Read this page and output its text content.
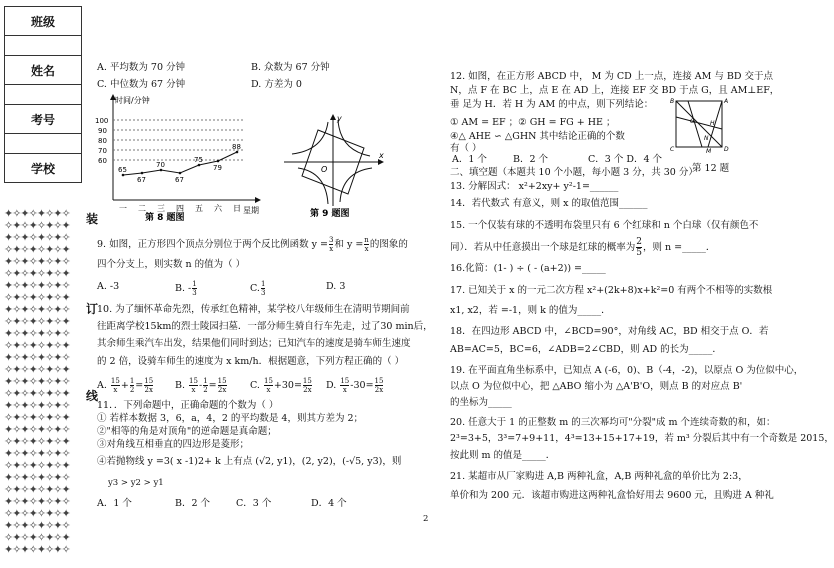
班级

姓名

考号

学校

✦✧✦✧✦✧✦✧
✧✦✧✦✧✦✧✦
✦✧✦✧✦✧✦✧
✧✦✧✦✧✦✧✦
✦✧✦✧✦✧✦✧
✧✦✧✦✧✦✧✦
✦✧✦✧✦✧✦✧
✧✦✧✦✧✦✧✦
✦✧✦✧✦✧✦✧
✧✦✧✦✧✦✧✦
✦✧✦✧✦✧✦✧
✧✦✧✦✧✦✧✦
✦✧✦✧✦✧✦✧
✧✦✧✦✧✦✧✦
✦✧✦✧✦✧✦✧
✧✦✧✦✧✦✧✦
✦✧✦✧✦✧✦✧
✧✦✧✦✧✦✧✦
✦✧✦✧✦✧✦✧
✧✦✧✦✧✦✧✦
✦✧✦✧✦✧✦✧
✧✦✧✦✧✦✧✦
✦✧✦✧✦✧✦✧
✧✦✧✦✧✦✧✦
✦✧✦✧✦✧✦✧
✧✦✧✦✧✦✧✦
✦✧✦✧✦✧✦✧
✧✦✧✦✧✦✧✦
✦✧✦✧✦✧✦✧

装
订
线
A. 平均数为 70 分钟	B. 众数为 67 分钟
C. 中位数为 67 分钟	D. 方差为 0
时间/分钟
星期
60
70
80
90
100
一 二 三 四 五 六 日
65
67
70
67
75
79
88
第 8 题图
x
y
O
第 9 题图
9. 如图，正方形四个顶点分别位于两个反比例函数 $y = \frac{3}{x}$ 和 $y = \frac{n}{x}$ 的图象的
四个分支上，则实数 n 的值为（ ）
A. -3	B. - $\frac{1}{3}$	C. $\frac{1}{3}$	D. 3
10. 为了缅怀革命先烈，传承红色精神，某学校八年级师生在清明节期间前
往距离学校15km的烈士陵园扫墓．一部分师生骑自行车先走，过了30 min后，
其余师生乘汽车出发，结果他们同时到达；已知汽车的速度是骑车师生速度
的 2 倍，设骑车师生的速度为 x km/h．根据题意，下列方程正确的（ ）
A. $\frac{15}{x} + \frac{1}{2} = \frac{15}{2x} B$. $\frac{15}{x} - \frac{1}{2} = \frac{15}{2x} C$. $\frac{15}{x} +30= \frac{15}{2x} D$. $\frac{15}{x} -30= \frac{15}{2x}$
11．．下列命题中，正确命题的个数为（ ）
① 若样本数据 3，6，a，4，2 的平均数是 4，则其方差为 2；
②"相等的角是对顶角"的逆命题是真命题；
③对角线互相垂直的四边形是菱形；
④若抛物线 y =3( x -1)2+ k 上有点 (√2, y1)，(2, y2)，(-√5, y3)，则
y3 > y2 > y1
A．1 个	B．2 个	C．3 个	D．4 个
12. 如图，在正方形 ABCD 中， M 为 CD 上一点，连接 AM 与 BD 交于点
N，点 F 在 BC 上，点 E 在 AD 上，连接 EF 交 BD 于点 G，且 AM⊥EF，
垂 足为 H．若 H 为 AM 的中点，则下列结论：
① AM = EF ；② GH = FG + HE ；
④△ AHE ∽ △GHN 其中结论正确的个数
有（ ）
A．1 个	B．2 个	C．3 个 D．4 个
B	A
C	D
G	H
N
M
第 12 题
二、填空题（本题共 10 个小题，每小题 3 分，共 30 分）
13. 分解因式： x²+2xy+ y²-1=______
14．若代数式 有意义，则 x 的取值范围______
15. 一个仅装有球的不透明布袋里只有 6 个红球和 n 个白球（仅有颜色不
同）．若从中任意摸出一个球是红球的概率为 $\frac{2}{5}$ ，则 n =_____．
16.化简：(1- ) ÷ ( - (a+2)) =_____
17. 已知关于 x 的一元二次方程 x²+(2k+8)x+k²=0 有两个不相等的实数根
x1, x2，若 =-1，则 k 的值为_____．
18．在四边形 ABCD 中，∠BCD=90°，对角线 AC，BD 相交于点 O．若
AB=AC=5，BC=6，∠ADB=2∠CBD，则 AD 的长为_____．
19. 在平面直角坐标系中，已知点 A (-6，0)、B（-4，-2)，以原点 O 为位似中心，
以点 O 为位似中心，把 △ABO 缩小为 △A'B'O，则点 B 的对应点 B'
的坐标为_____
20. 任意大于 1 的正整数 m 的三次幂均可"分裂"成 m 个连续奇数的和，如：
2³=3+5，3³=7+9+11，4³=13+15+17+19，若 m³ 分裂后其中有一个奇数是 2015，
按此则 m 的值是_____．
21. 某超市从厂家购进 A,B 两种礼盒，A,B 两种礼盒的单价比为 2:3，
单价和为 200 元．该超市购进这两种礼盒恰好用去 9600 元，且购进 A 种礼
2
